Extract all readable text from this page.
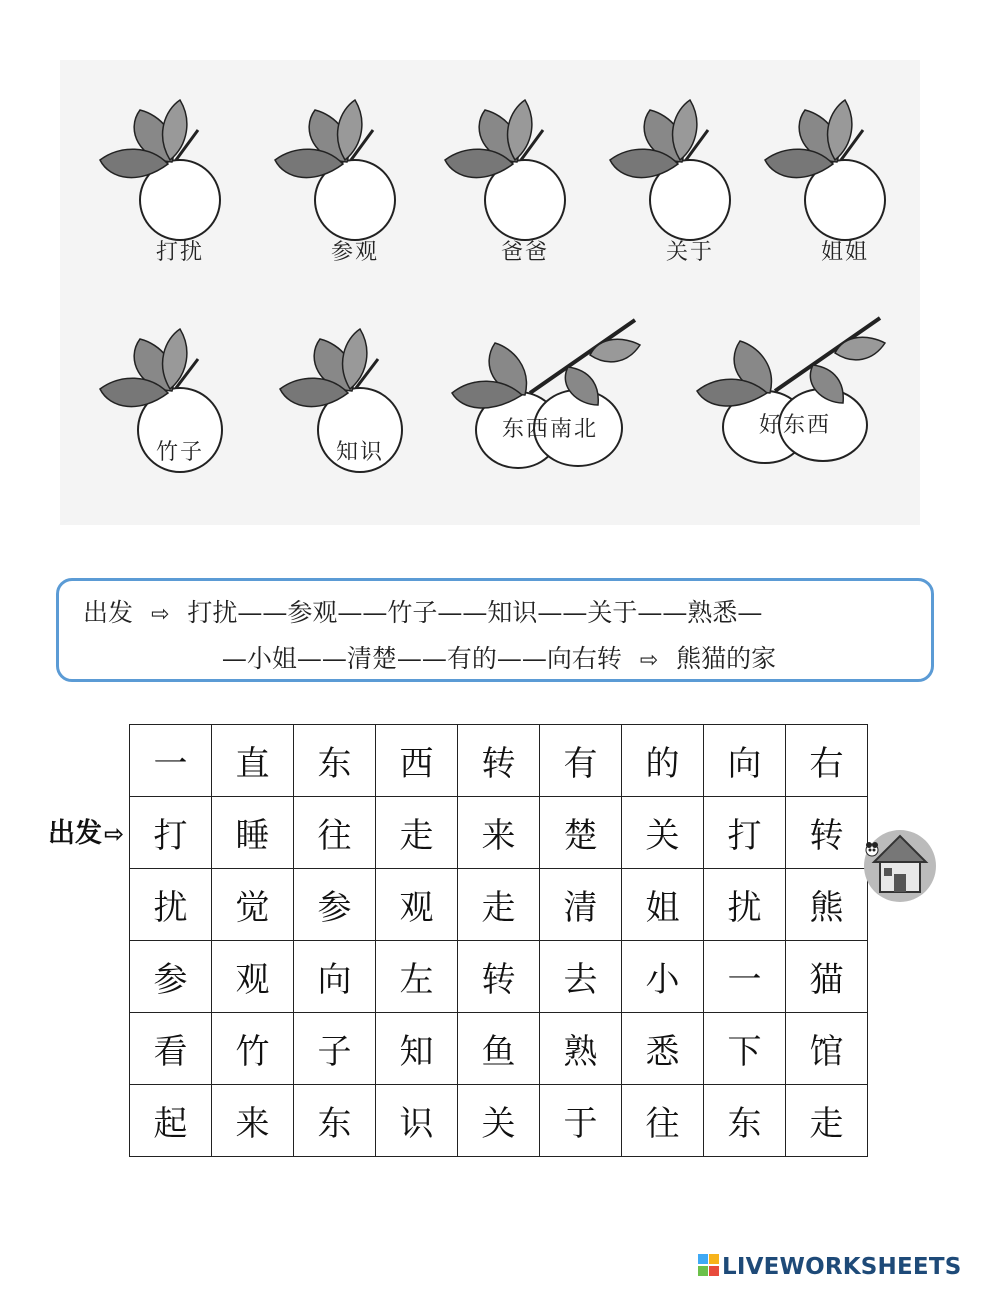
打扰	参观	爸爸	关于	姐姐
竹子	知识
东西南北	好东西
出发 ⇨ 打扰——参观——竹子——知识——关于——熟悉—
—小姐——清楚——有的——向右转 ⇨ 熊猫的家
出发⇨
一	直	东	西	转	有	的	向	右
打	睡	往	走	来	楚	关	打	转
扰	觉	参	观	走	清	姐	扰	熊
参	观	向	左	转	去	小	一	猫
看	竹	子	知	鱼	熟	悉	下	馆
起	来	东	识	关	于	往	东	走
LIVEWORKSHEETS
